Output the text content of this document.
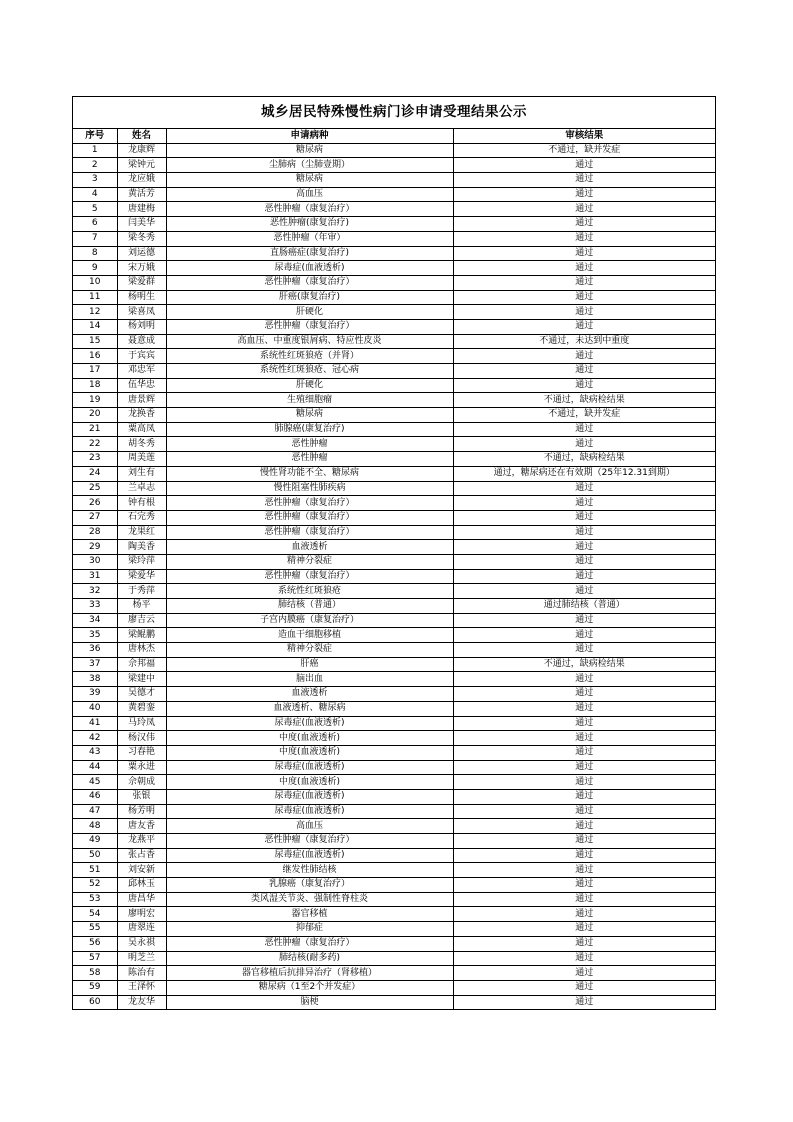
城乡居民特殊慢性病门诊申请受理结果公示
序号	姓名	申请病种	审核结果
1	龙康辉	糖尿病	不通过，缺并发症
2	梁钟元	尘肺病（尘肺壹期）	通过
3	龙应娥	糖尿病	通过
4	黄活芳	高血压	通过
5	唐建梅	恶性肿瘤（康复治疗）	通过
6	闫美华	恶性肿瘤(康复治疗)	通过
7	梁冬秀	恶性肿瘤（年审）	通过
8	刘运德	直肠癌症(康复治疗)	通过
9	宋万娥	尿毒症(血液透析)	通过
10	梁爱群	恶性肿瘤（康复治疗）	通过
11	杨明生	肝癌(康复治疗)	通过
12	梁喜凤	肝硬化	通过
14	杨刘明	恶性肿瘤（康复治疗）	通过
15	聂意成	高血压、中重度银屑病、特应性皮炎	不通过，未达到中重度
16	于宾宾	系统性红斑狼疮（并肾）	通过
17	邓忠军	系统性红斑狼疮、冠心病	通过
18	伍华忠	肝硬化	通过
19	唐景辉	生殖细胞瘤	不通过，缺病检结果
20	龙换香	糖尿病	不通过，缺并发症
21	粟高凤	肺腺癌(康复治疗)	通过
22	胡冬秀	恶性肿瘤	通过
23	周美莲	恶性肿瘤	不通过，缺病检结果
24	刘生有	慢性肾功能不全、糖尿病	通过，糖尿病还在有效期（25年12.31到期）
25	兰卓志	慢性阻塞性肺疾病	通过
26	钟有根	恶性肿瘤（康复治疗）	通过
27	石完秀	恶性肿瘤（康复治疗）	通过
28	龙果红	恶性肿瘤（康复治疗）	通过
29	陶美香	血液透析	通过
30	梁玲萍	精神分裂症	通过
31	梁爱华	恶性肿瘤（康复治疗）	通过
32	于秀萍	系统性红斑狼疮	通过
33	杨平	肺结核（普通）	通过肺结核（普通）
34	廖吉云	子宫内膜癌（康复治疗）	通过
35	梁鲲鹏	造血干细胞移植	通过
36	唐林杰	精神分裂症	通过
37	佘邦福	肝癌	不通过，缺病检结果
38	梁建中	脑出血	通过
39	吴德才	血液透析	通过
40	黄碧銮	血液透析、糖尿病	通过
41	马玲凤	尿毒症(血液透析)	通过
42	杨汉伟	中度(血液透析)	通过
43	习春艳	中度(血液透析)	通过
44	粟永进	尿毒症(血液透析)	通过
45	佘朝成	中度(血液透析)	通过
46	张银	尿毒症(血液透析)	通过
47	杨芳明	尿毒症(血液透析)	通过
48	唐友香	高血压	通过
49	龙燕平	恶性肿瘤（康复治疗）	通过
50	张占香	尿毒症(血液透析)	通过
51	刘安新	继发性肺结核	通过
52	邱林玉	乳腺癌（康复治疗）	通过
53	唐昌华	类风湿关节炎、强制性脊柱炎	通过
54	廖明宏	器官移植	通过
55	唐翠连	抑郁症	通过
56	吴永祺	恶性肿瘤（康复治疗）	通过
57	明芝兰	肺结核(耐多药)	通过
58	陈治有	器官移植后抗排异治疗（肾移植）	通过
59	王泽怀	糖尿病（1至2个并发症）	通过
60	龙友华	脑梗	通过
